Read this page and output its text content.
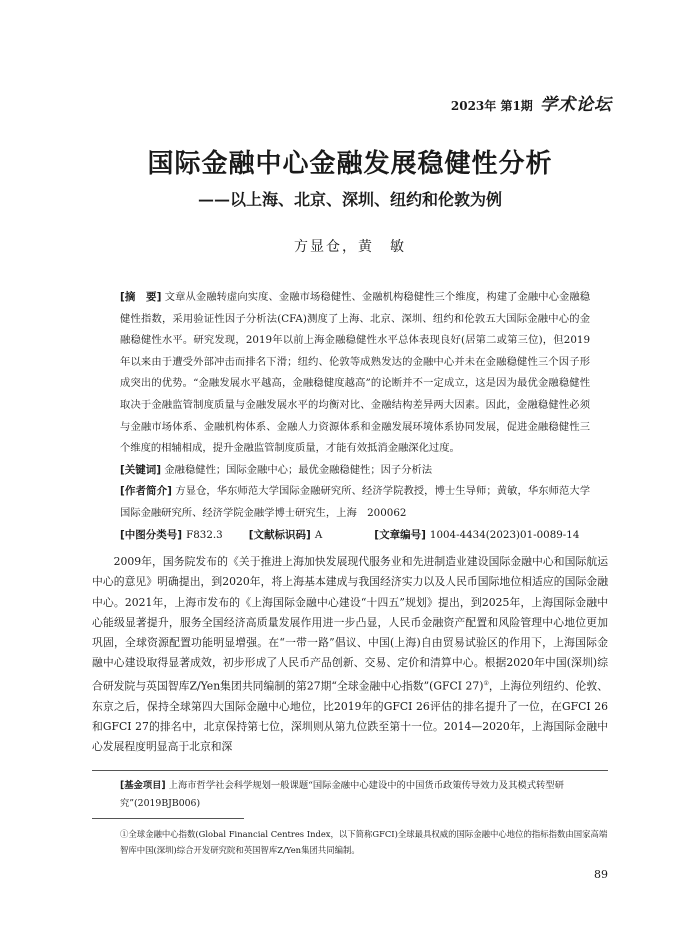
2023年 第1期 学术论坛
国际金融中心金融发展稳健性分析
——以上海、北京、深圳、纽约和伦敦为例
方显仓，黄　敏

[摘　要] 文章从金融转虚向实度、金融市场稳健性、金融机构稳健性三个维度，构建了金融中心金融稳健性指数，采用验证性因子分析法(CFA)测度了上海、北京、深圳、纽约和伦敦五大国际金融中心的金融稳健性水平。研究发现，2019年以前上海金融稳健性水平总体表现良好(居第二或第三位)，但2019年以来由于遭受外部冲击而排名下滑；纽约、伦敦等成熟发达的金融中心并未在金融稳健性三个因子形成突出的优势。“金融发展水平越高，金融稳健度越高”的论断并不一定成立，这是因为最优金融稳健性取决于金融监管制度质量与金融发展水平的均衡对比、金融结构差异两大因素。因此，金融稳健性必须与金融市场体系、金融机构体系、金融人力资源体系和金融发展环境体系协同发展，促进金融稳健性三个维度的相辅相成，提升金融监管制度质量，才能有效抵消金融深化过度。

[关键词] 金融稳健性；国际金融中心；最优金融稳健性；因子分析法

[作者简介] 方显仓，华东师范大学国际金融研究所、经济学院教授，博士生导师；黄敏，华东师范大学国际金融研究所、经济学院金融学博士研究生，上海　200062

[中图分类号] F832.3 [文献标识码] A	[文章编号] 1004-4434(2023)01-0089-14

2009年，国务院发布的《关于推进上海加快发展现代服务业和先进制造业建设国际金融中心和国际航运中心的意见》明确提出，到2020年，将上海基本建成与我国经济实力以及人民币国际地位相适应的国际金融中心。2021年，上海市发布的《上海国际金融中心建设“十四五”规划》提出，到2025年，上海国际金融中心能级显著提升，服务全国经济高质量发展作用进一步凸显，人民币金融资产配置和风险管理中心地位更加巩固，全球资源配置功能明显增强。在“一带一路”倡议、中国(上海)自由贸易试验区的作用下，上海国际金融中心建设取得显著成效，初步形成了人民币产品创新、交易、定价和清算中心。根据2020年中国(深圳)综合研发院与英国智库Z/Yen集团共同编制的第27期“全球金融中心指数”(GFCI 27)①，上海位列纽约、伦敦、东京之后，保持全球第四大国际金融中心地位，比2019年的GFCI 26评估的排名提升了一位，在GFCI 26和GFCI 27的排名中，北京保持第七位，深圳则从第九位跌至第十一位。2014—2020年，上海国际金融中心发展程度明显高于北京和深

[基金项目] 上海市哲学社会科学规划一般课题“国际金融中心建设中的中国货币政策传导效力及其模式转型研究”(2019BJB006)
①全球金融中心指数(Global Financial Centres Index，以下简称GFCI)全球最具权威的国际金融中心地位的指标指数由国家高端智库中国(深圳)综合开发研究院和英国智库Z/Yen集团共同编制。
89
